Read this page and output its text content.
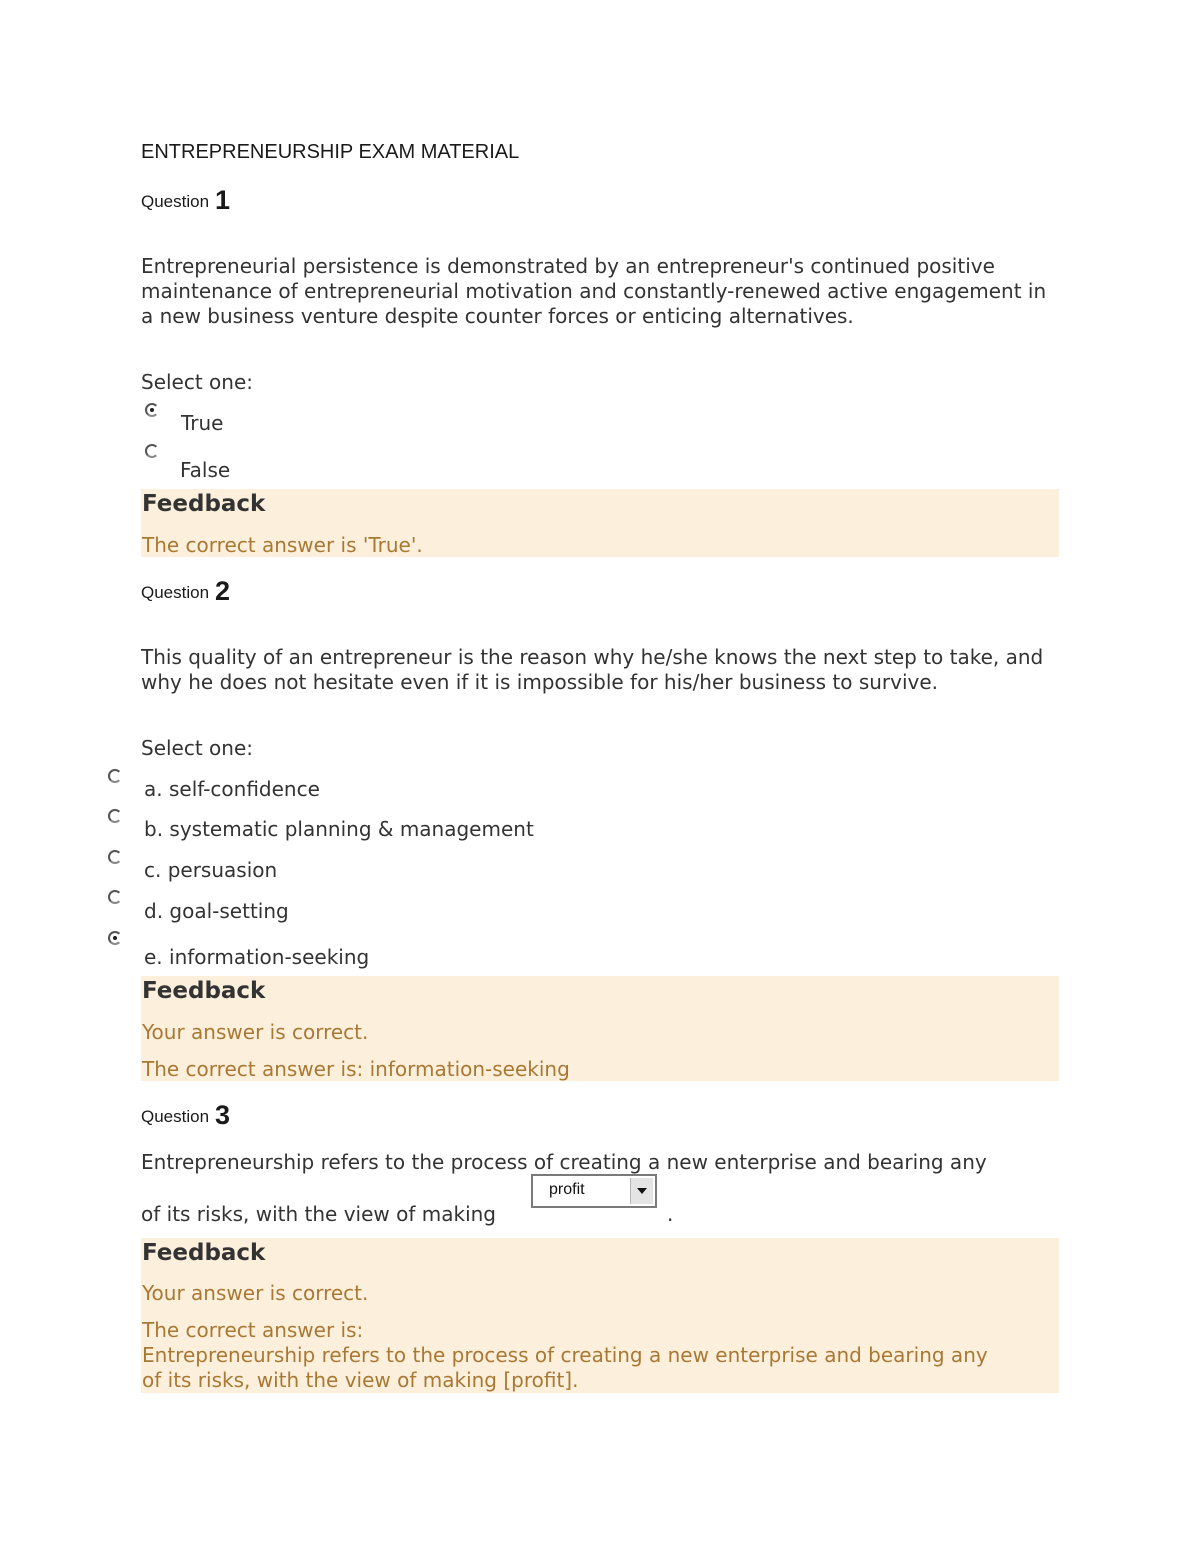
ENTREPRENEURSHIP EXAM MATERIAL
Question 1
Entrepreneurial persistence is demonstrated by an entrepreneur's continued positive maintenance of entrepreneurial motivation and constantly-renewed active engagement in a new business venture despite counter forces or enticing alternatives.
Select one:
True
False
Feedback
The correct answer is 'True'.
Question 2
This quality of an entrepreneur is the reason why he/she knows the next step to take, and why he does not hesitate even if it is impossible for his/her business to survive.
Select one:
a. self-confidence
b. systematic planning & management
c. persuasion
d. goal-setting
e. information-seeking
Feedback
Your answer is correct.
The correct answer is: information-seeking
Question 3
Entrepreneurship refers to the process of creating a new enterprise and bearing any
of its risks, with the view of making
profit
.
Feedback
Your answer is correct.
The correct answer is:
Entrepreneurship refers to the process of creating a new enterprise and bearing any
of its risks, with the view of making [profit].
